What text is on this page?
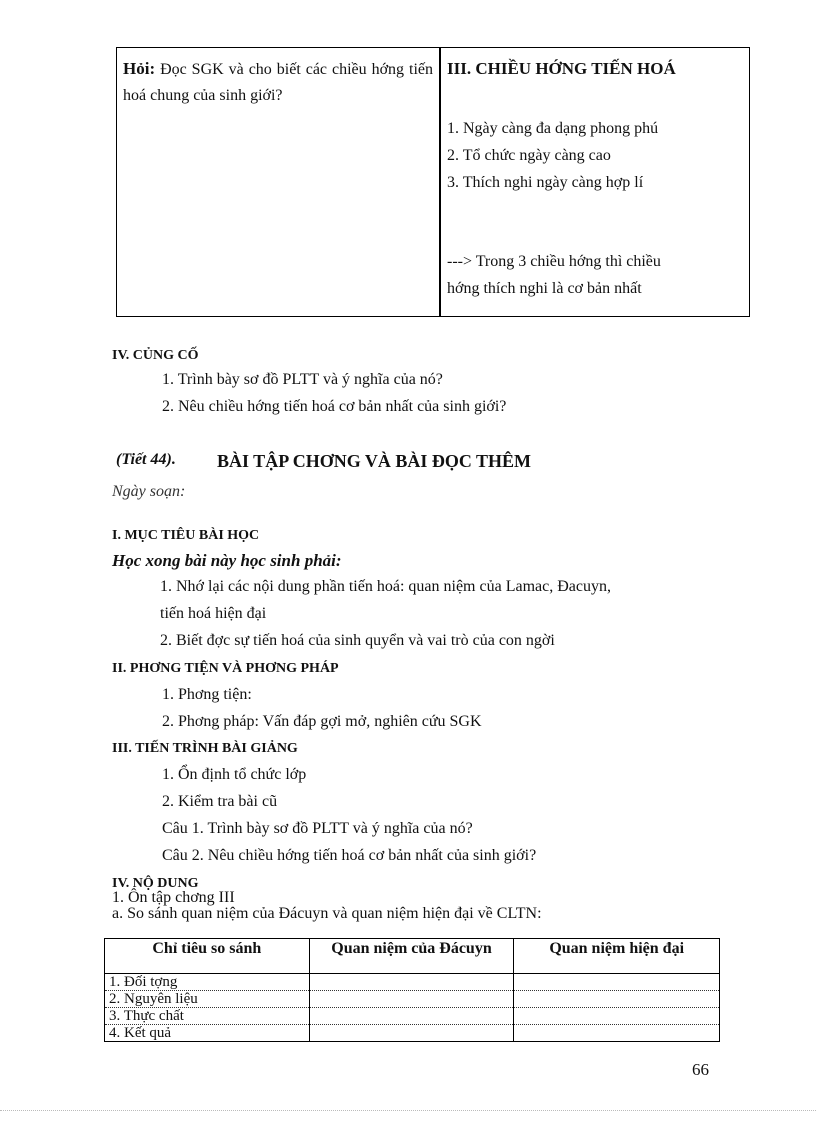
Hỏi: Đọc SGK và cho biết các chiều hớng tiến hoá chung của sinh giới?
III. CHIỀU HỚNG TIẾN HOÁ
1. Ngày càng đa dạng phong phú
2. Tổ chức ngày càng cao
3. Thích nghi ngày càng hợp lí
---> Trong 3 chiều hớng thì chiều
hớng thích nghi là cơ bản nhất
IV. CỦNG CỐ
1. Trình bày sơ đồ PLTT và ý nghĩa của nó?
2. Nêu chiều hớng tiến hoá cơ bản nhất của sinh giới?
(Tiết 44). BÀI TẬP CHƠNG VÀ BÀI ĐỌC THÊM
Ngày soạn:
I. MỤC TIÊU BÀI HỌC
Học xong bài này học sinh phải:
1. Nhớ lại các nội dung phần tiến hoá: quan niệm của Lamac, Đacuyn,
tiến hoá hiện đại
2. Biết đợc sự tiến hoá của sinh quyển và vai trò của con ngời
II. PHƠNG TIỆN VÀ PHƠNG PHÁP
1. Phơng tiện:
2. Phơng pháp: Vấn đáp gợi mở, nghiên cứu SGK
III. TIẾN TRÌNH BÀI GIẢNG
1. Ổn định tổ chức lớp
2. Kiểm tra bài cũ
Câu 1. Trình bày sơ đồ PLTT và ý nghĩa của nó?
Câu 2. Nêu chiều hớng tiến hoá cơ bản nhất của sinh giới?
IV. NỘ DUNG
1. Ôn tập chơng III
a. So sánh quan niệm của Đácuyn và quan niệm hiện đại về CLTN:
Chỉ tiêu so sánh	Quan niệm của Đácuyn	Quan niệm hiện đại
1. Đối tợng		
2. Nguyên liệu		
3. Thực chất		
4. Kết quả		
66
